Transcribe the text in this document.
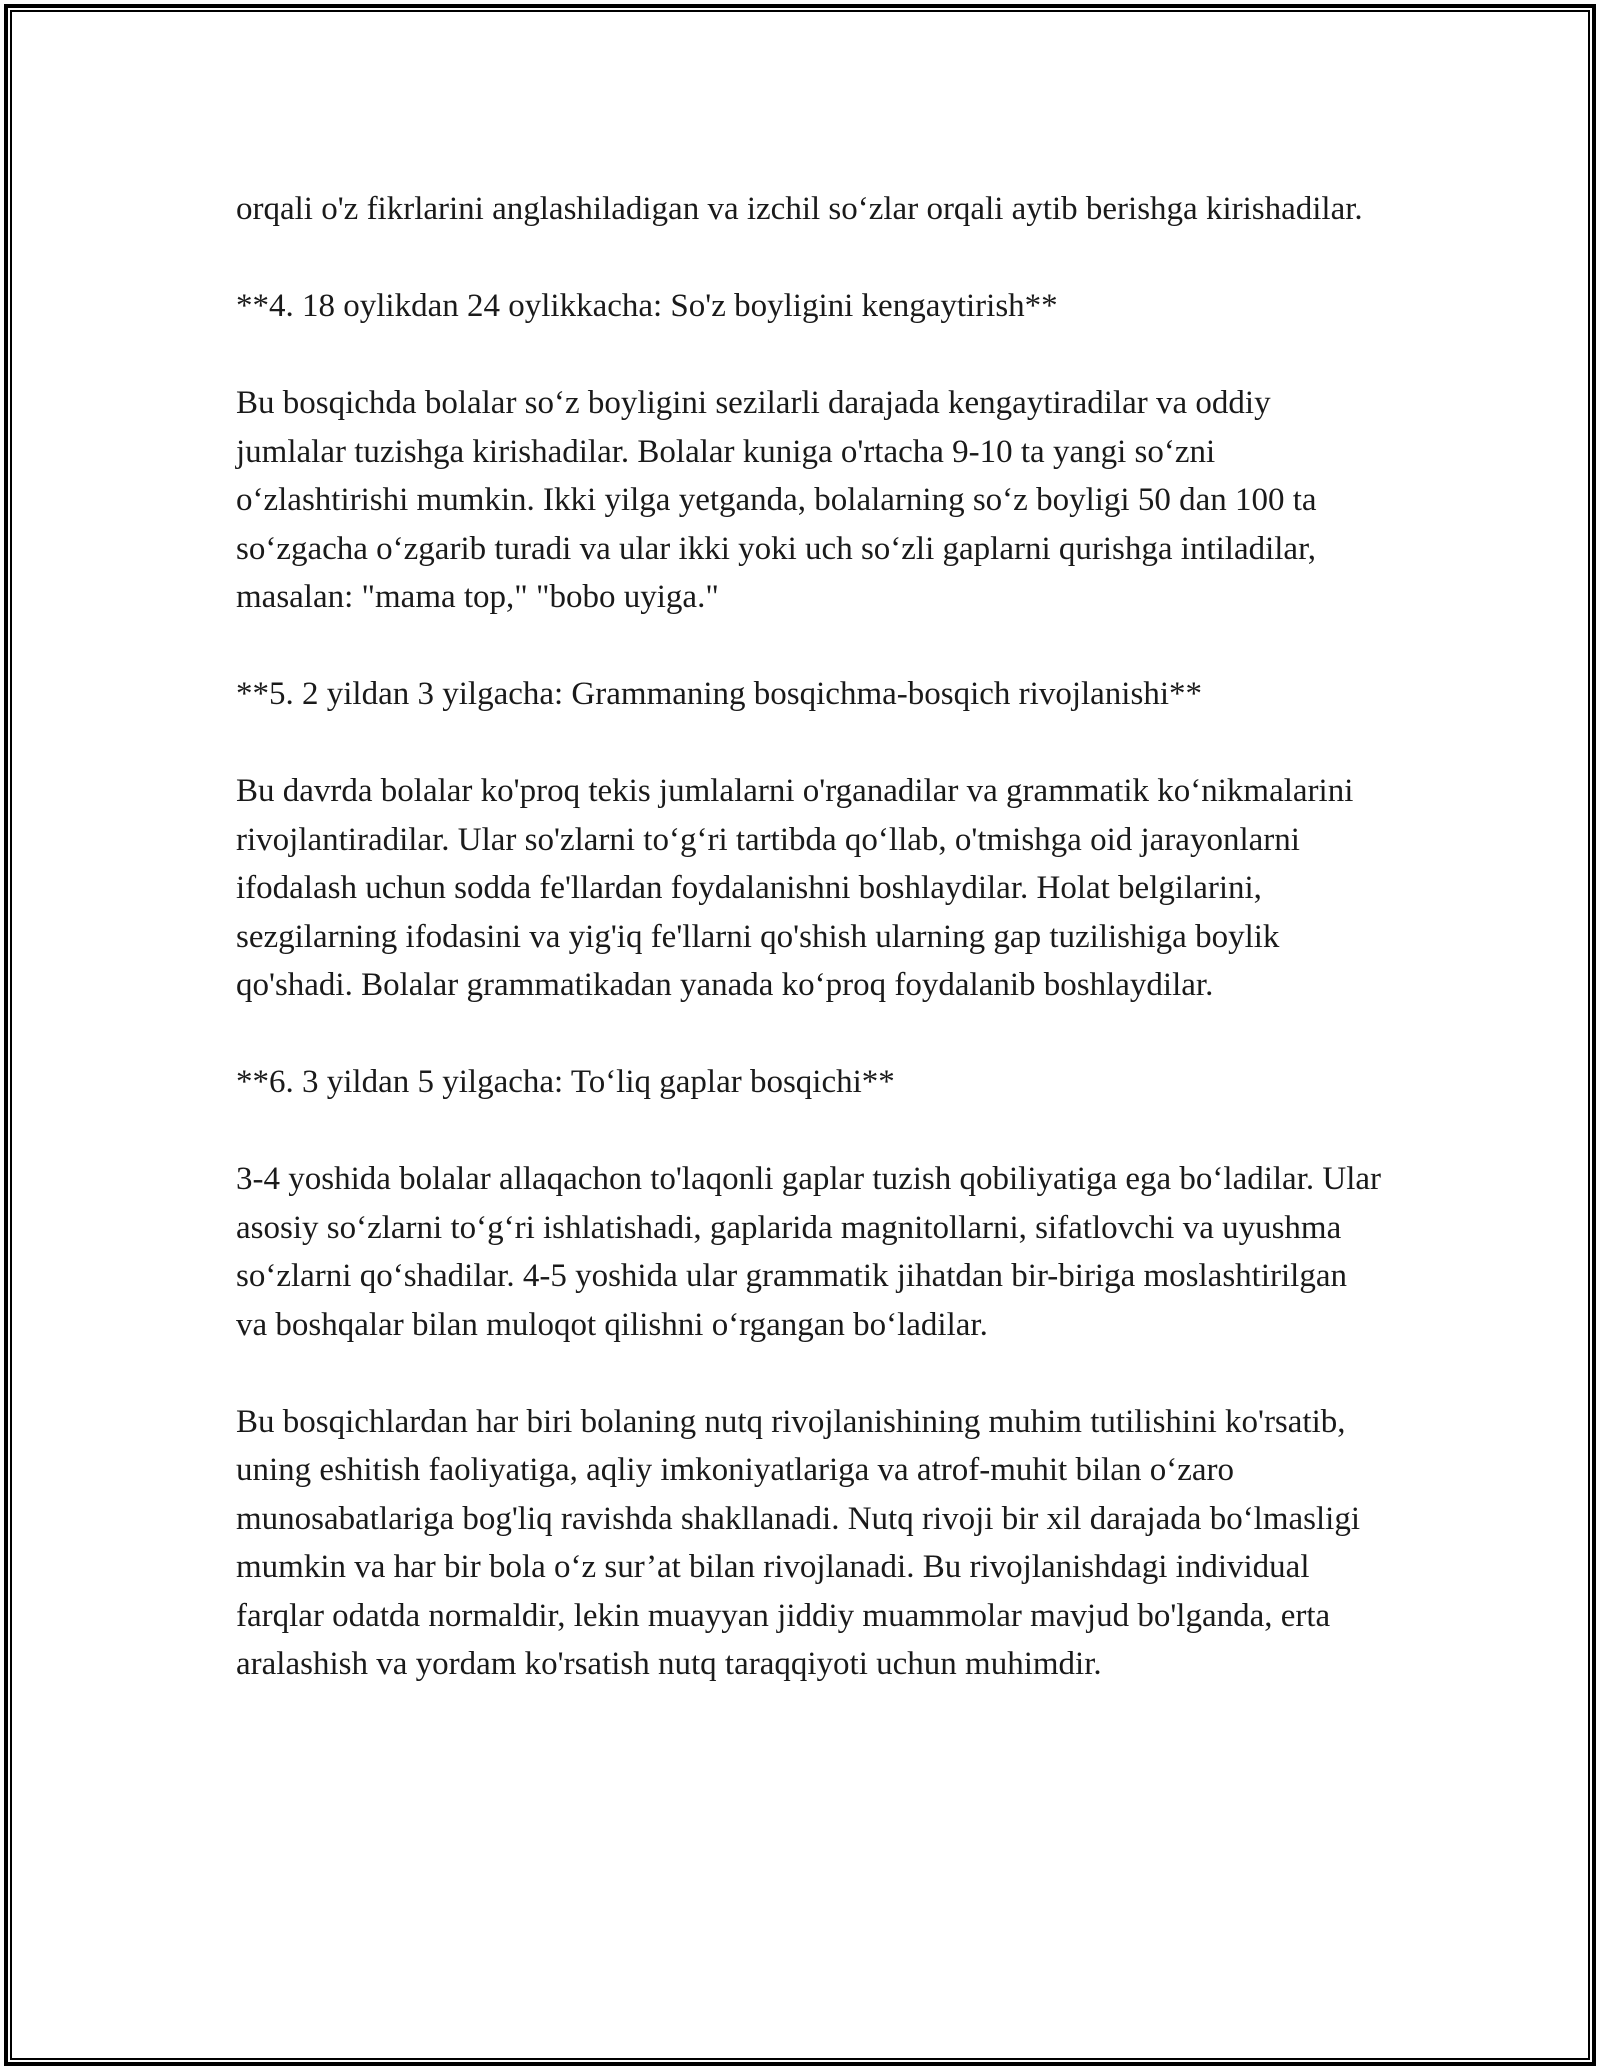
orqali o'z fikrlarini anglashiladigan va izchil so‘zlar orqali aytib berishga kirishadilar.

**4. 18 oylikdan 24 oylikkacha: So'z boyligini kengaytirish**

Bu bosqichda bolalar so‘z boyligini sezilarli darajada kengaytiradilar va oddiy jumlalar tuzishga kirishadilar. Bolalar kuniga o'rtacha 9-10 ta yangi so‘zni o‘zlashtirishi mumkin. Ikki yilga yetganda, bolalarning so‘z boyligi 50 dan 100 ta so‘zgacha o‘zgarib turadi va ular ikki yoki uch so‘zli gaplarni qurishga intiladilar, masalan: "mama top," "bobo uyiga."

**5. 2 yildan 3 yilgacha: Grammaning bosqichma-bosqich rivojlanishi**

Bu davrda bolalar ko'proq tekis jumlalarni o'rganadilar va grammatik ko‘nikmalarini rivojlantiradilar. Ular so'zlarni to‘g‘ri tartibda qo‘llab, o'tmishga oid jarayonlarni ifodalash uchun sodda fe'llardan foydalanishni boshlaydilar. Holat belgilarini, sezgilarning ifodasini va yig'iq fe'llarni qo'shish ularning gap tuzilishiga boylik qo'shadi. Bolalar grammatikadan yanada ko‘proq foydalanib boshlaydilar.

**6. 3 yildan 5 yilgacha: To‘liq gaplar bosqichi**

3-4 yoshida bolalar allaqachon to'laqonli gaplar tuzish qobiliyatiga ega bo‘ladilar. Ular asosiy so‘zlarni to‘g‘ri ishlatishadi, gaplarida magnitollarni, sifatlovchi va uyushma so‘zlarni qo‘shadilar. 4-5 yoshida ular grammatik jihatdan bir-biriga moslashtirilgan va boshqalar bilan muloqot qilishni o‘rgangan bo‘ladilar.

Bu bosqichlardan har biri bolaning nutq rivojlanishining muhim tutilishini ko'rsatib, uning eshitish faoliyatiga, aqliy imkoniyatlariga va atrof-muhit bilan o‘zaro munosabatlariga bog'liq ravishda shakllanadi. Nutq rivoji bir xil darajada bo‘lmasligi mumkin va har bir bola o‘z sur’at bilan rivojlanadi. Bu rivojlanishdagi individual farqlar odatda normaldir, lekin muayyan jiddiy muammolar mavjud bo'lganda, erta aralashish va yordam ko'rsatish nutq taraqqiyoti uchun muhimdir.
